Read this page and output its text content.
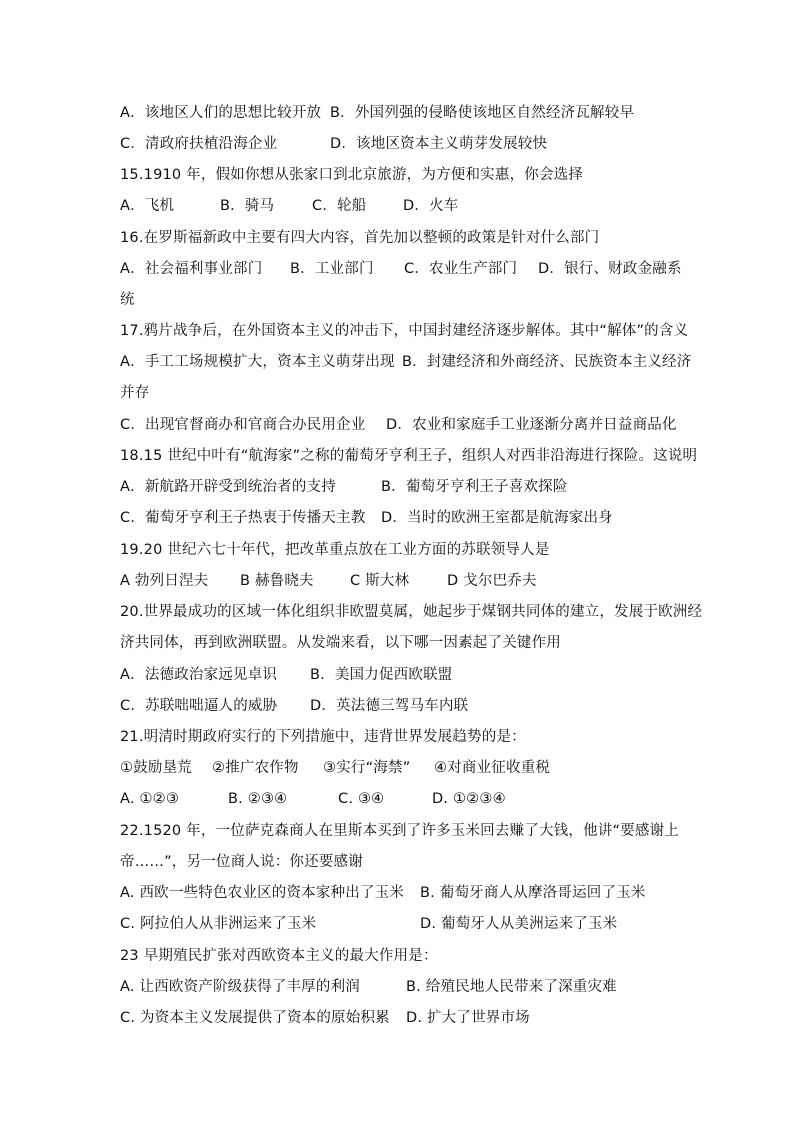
A．该地区人们的思想比较开放 B．外国列强的侵略使该地区自然经济瓦解较早
C．清政府扶植沿海企业	D．该地区资本主义萌芽发展较快
15.1910 年，假如你想从张家口到北京旅游，为方便和实惠，你会选择
A．飞机	B．骑马	C．轮船	D．火车
16.在罗斯福新政中主要有四大内容，首先加以整顿的政策是针对什么部门
A．社会福利事业部门 B．工业部门 C．农业生产部门 D．银行、财政金融系
统
17.鸦片战争后，在外国资本主义的冲击下，中国封建经济逐步解体。其中“解体”的含义
A．手工工场规模扩大，资本主义萌芽出现 B．封建经济和外商经济、民族资本主义经济
并存
C．出现官督商办和官商合办民用企业 D．农业和家庭手工业逐渐分离并日益商品化
18.15 世纪中叶有“航海家”之称的葡萄牙亨利王子，组织人对西非沿海进行探险。这说明
A．新航路开辟受到统治者的支持	B．葡萄牙亨利王子喜欢探险
C．葡萄牙亨利王子热衷于传播天主教 D．当时的欧洲王室都是航海家出身
19.20 世纪六七十年代，把改革重点放在工业方面的苏联领导人是
A 勃列日涅夫 B 赫鲁晓夫 C 斯大林	D 戈尔巴乔夫
20.世界最成功的区域一体化组织非欧盟莫属，她起步于煤钢共同体的建立，发展于欧洲经
济共同体，再到欧洲联盟。从发端来看，以下哪一因素起了关键作用
A．法德政治家远见卓识 B．美国力促西欧联盟
C．苏联咄咄逼人的威胁 D．英法德三驾马车内联
21.明清时期政府实行的下列措施中，违背世界发展趋势的是：
①鼓励垦荒 ②推广农作物 ③实行“海禁” ④对商业征收重税
A. ①②③	B. ②③④	C. ③④	D. ①②③④
22.1520 年，一位萨克森商人在里斯本买到了许多玉米回去赚了大钱，他讲“要感谢上
帝……”，另一位商人说：你还要感谢
A. 西欧一些特色农业区的资本家种出了玉米 B. 葡萄牙商人从摩洛哥运回了玉米
C. 阿拉伯人从非洲运来了玉米	D. 葡萄牙人从美洲运来了玉米
23 早期殖民扩张对西欧资本主义的最大作用是：
A. 让西欧资产阶级获得了丰厚的利润	B. 给殖民地人民带来了深重灾难
C. 为资本主义发展提供了资本的原始积累 D. 扩大了世界市场
